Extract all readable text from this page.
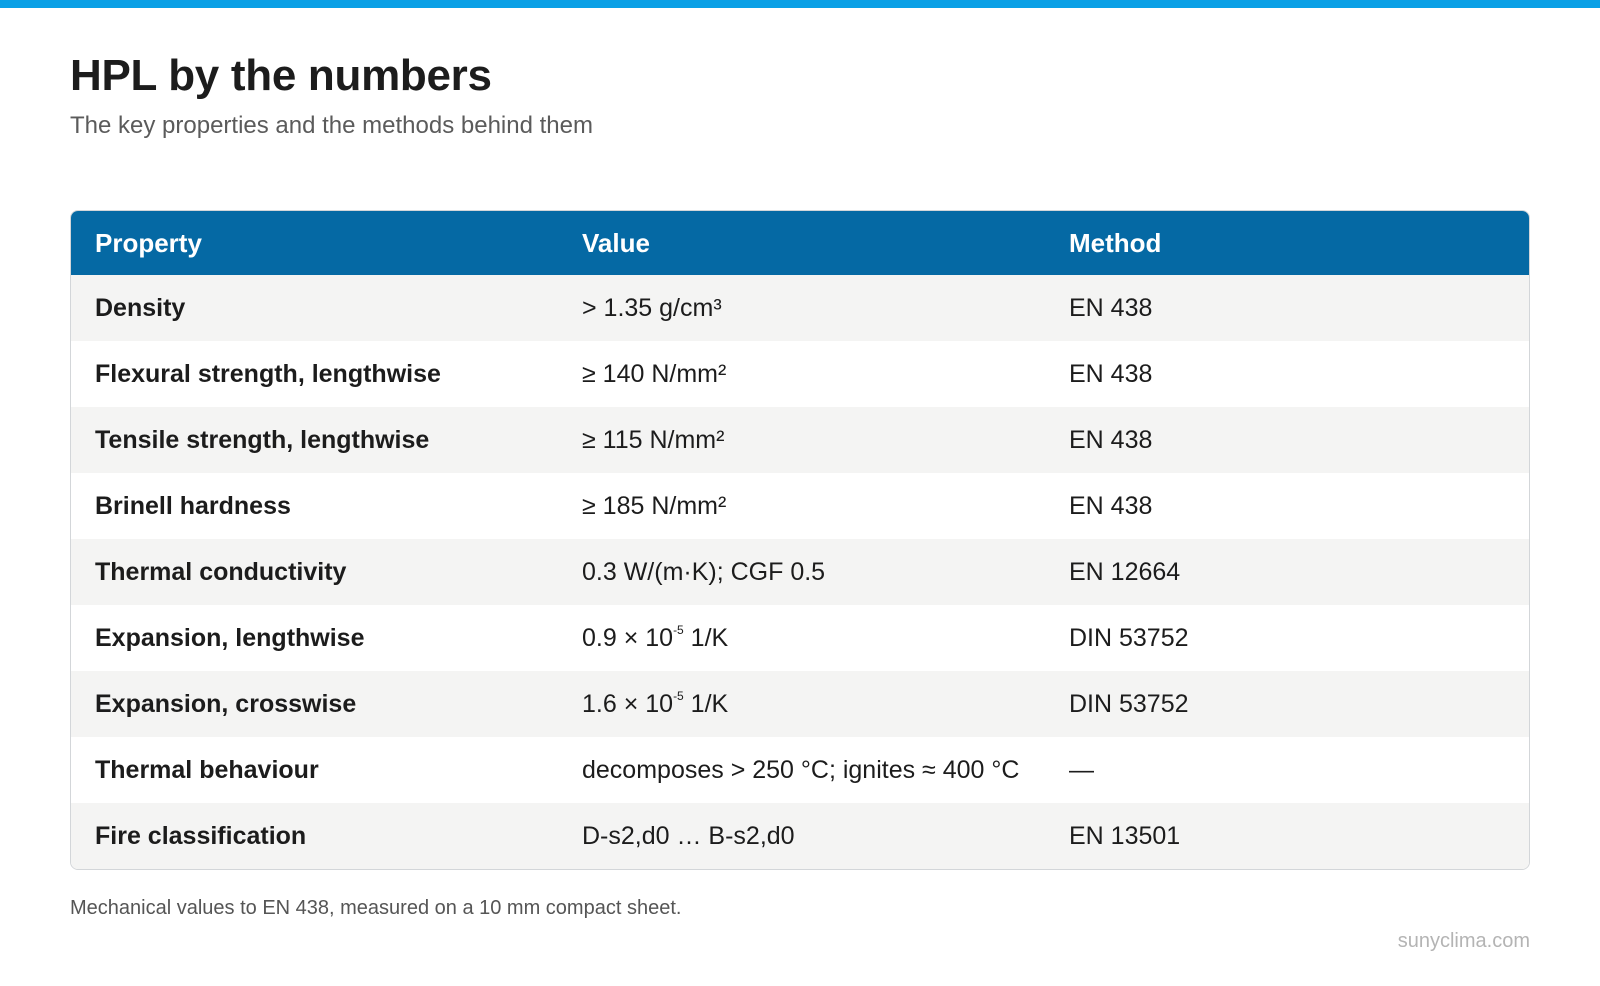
HPL by the numbers

The key properties and the methods behind them

Property	Value	Method
Density	> 1.35 g/cm³	EN 438
Flexural strength, lengthwise	≥ 140 N/mm²	EN 438
Tensile strength, lengthwise	≥ 115 N/mm²	EN 438
Brinell hardness	≥ 185 N/mm²	EN 438
Thermal conductivity	0.3 W/(m·K); CGF 0.5	EN 12664
Expansion, lengthwise	$0.9 \times 10^{-5}$ 1/K	DIN 53752
Expansion, crosswise	$1.6 \times 10^{-5}$ 1/K	DIN 53752
Thermal behaviour	decomposes > 250 °C; ignites ≈ 400 °C	—
Fire classification	D-s2,d0 … B-s2,d0	EN 13501

Mechanical values to EN 438, measured on a 10 mm compact sheet.

sunyclima.com
